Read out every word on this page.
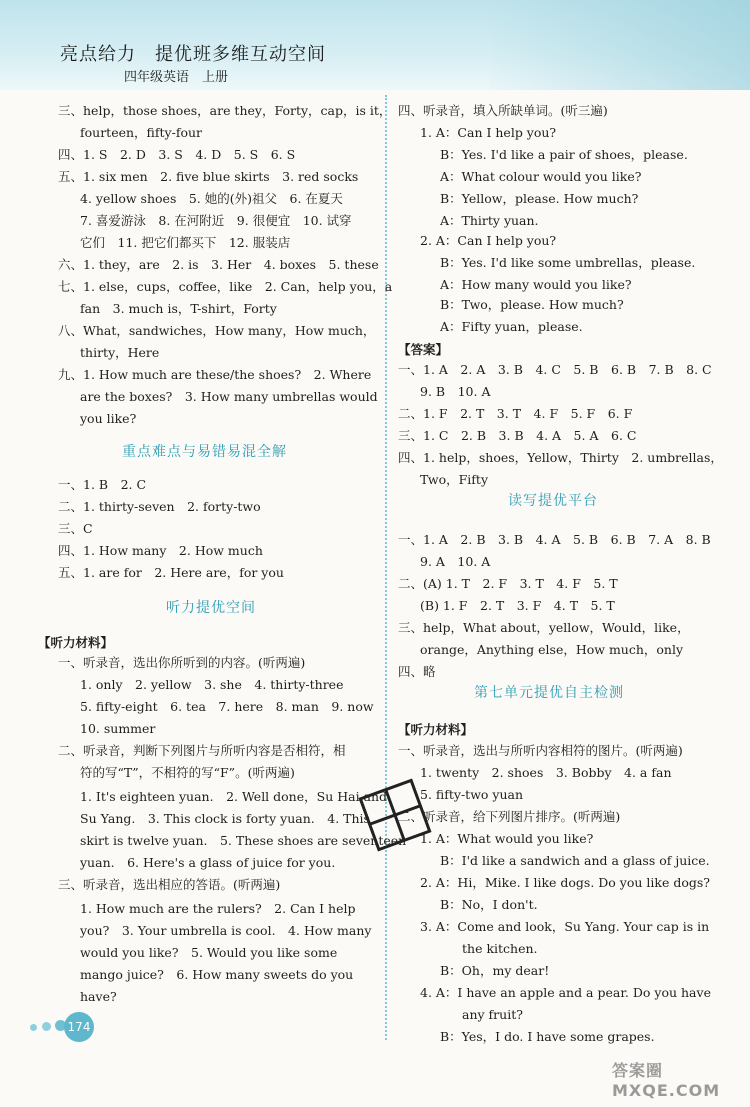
亮点给力　提优班多维互动空间
四年级英语　上册
三、help，those shoes，are they，Forty，cap，is it，
fourteen，fifty-four
四、1. S　2. D　3. S　4. D　5. S　6. S
五、1. six men　2. five blue skirts　3. red socks
4. yellow shoes　5. 她的(外)祖父　6. 在夏天
7. 喜爱游泳　8. 在河附近　9. 很便宜　10. 试穿
它们　11. 把它们都买下　12. 服装店
六、1. they，are　2. is　3. Her　4. boxes　5. these
七、1. else，cups，coffee，like　2. Can，help you，a
fan　3. much is，T-shirt，Forty
八、What，sandwiches，How many，How much，
thirty，Here
九、1. How much are these/the shoes?　2. Where
are the boxes?　3. How many umbrellas would
you like?
重点难点与易错易混全解
一、1. B　2. C
二、1. thirty-seven　2. forty-two
三、C
四、1. How many　2. How much
五、1. are for　2. Here are，for you
听力提优空间
【听力材料】
一、听录音，选出你所听到的内容。(听两遍)
1. only　2. yellow　3. she　4. thirty-three
5. fifty-eight　6. tea　7. here　8. man　9. now
10. summer
二、听录音，判断下列图片与所听内容是否相符，相
符的写“T”，不相符的写“F”。(听两遍)
1. It's eighteen yuan.　2. Well done，Su Hai and
Su Yang.　3. This clock is forty yuan.　4. This
skirt is twelve yuan.　5. These shoes are seventeen
yuan.　6. Here's a glass of juice for you.
三、听录音，选出相应的答语。(听两遍)
1. How much are the rulers?　2. Can I help
you?　3. Your umbrella is cool.　4. How many
would you like?　5. Would you like some
mango juice?　6. How many sweets do you
have?
四、听录音，填入所缺单词。(听三遍)
1. A：Can I help you?
B：Yes. I'd like a pair of shoes，please.
A：What colour would you like?
B：Yellow，please. How much?
A：Thirty yuan.
2. A：Can I help you?
B：Yes. I'd like some umbrellas，please.
A：How many would you like?
B：Two，please. How much?
A：Fifty yuan，please.
【答案】
一、1. A　2. A　3. B　4. C　5. B　6. B　7. B　8. C
9. B　10. A
二、1. F　2. T　3. T　4. F　5. F　6. F
三、1. C　2. B　3. B　4. A　5. A　6. C
四、1. help，shoes，Yellow，Thirty　2. umbrellas，
Two，Fifty
读写提优平台
一、1. A　2. B　3. B　4. A　5. B　6. B　7. A　8. B
9. A　10. A
二、(A) 1. T　2. F　3. T　4. F　5. T
(B) 1. F　2. T　3. F　4. T　5. T
三、help，What about，yellow，Would，like，
orange，Anything else，How much，only
四、略
第七单元提优自主检测
【听力材料】
一、听录音，选出与所听内容相符的图片。(听两遍)
1. twenty　2. shoes　3. Bobby　4. a fan
5. fifty-two yuan
二、听录音，给下列图片排序。(听两遍)
1. A：What would you like?
B：I'd like a sandwich and a glass of juice.
2. A：Hi，Mike. I like dogs. Do you like dogs?
B：No，I don't.
3. A：Come and look，Su Yang. Your cap is in
the kitchen.
B：Oh，my dear!
4. A：I have an apple and a pear. Do you have
any fruit?
B：Yes，I do. I have some grapes.
174
答案圈 MXQE.COM
